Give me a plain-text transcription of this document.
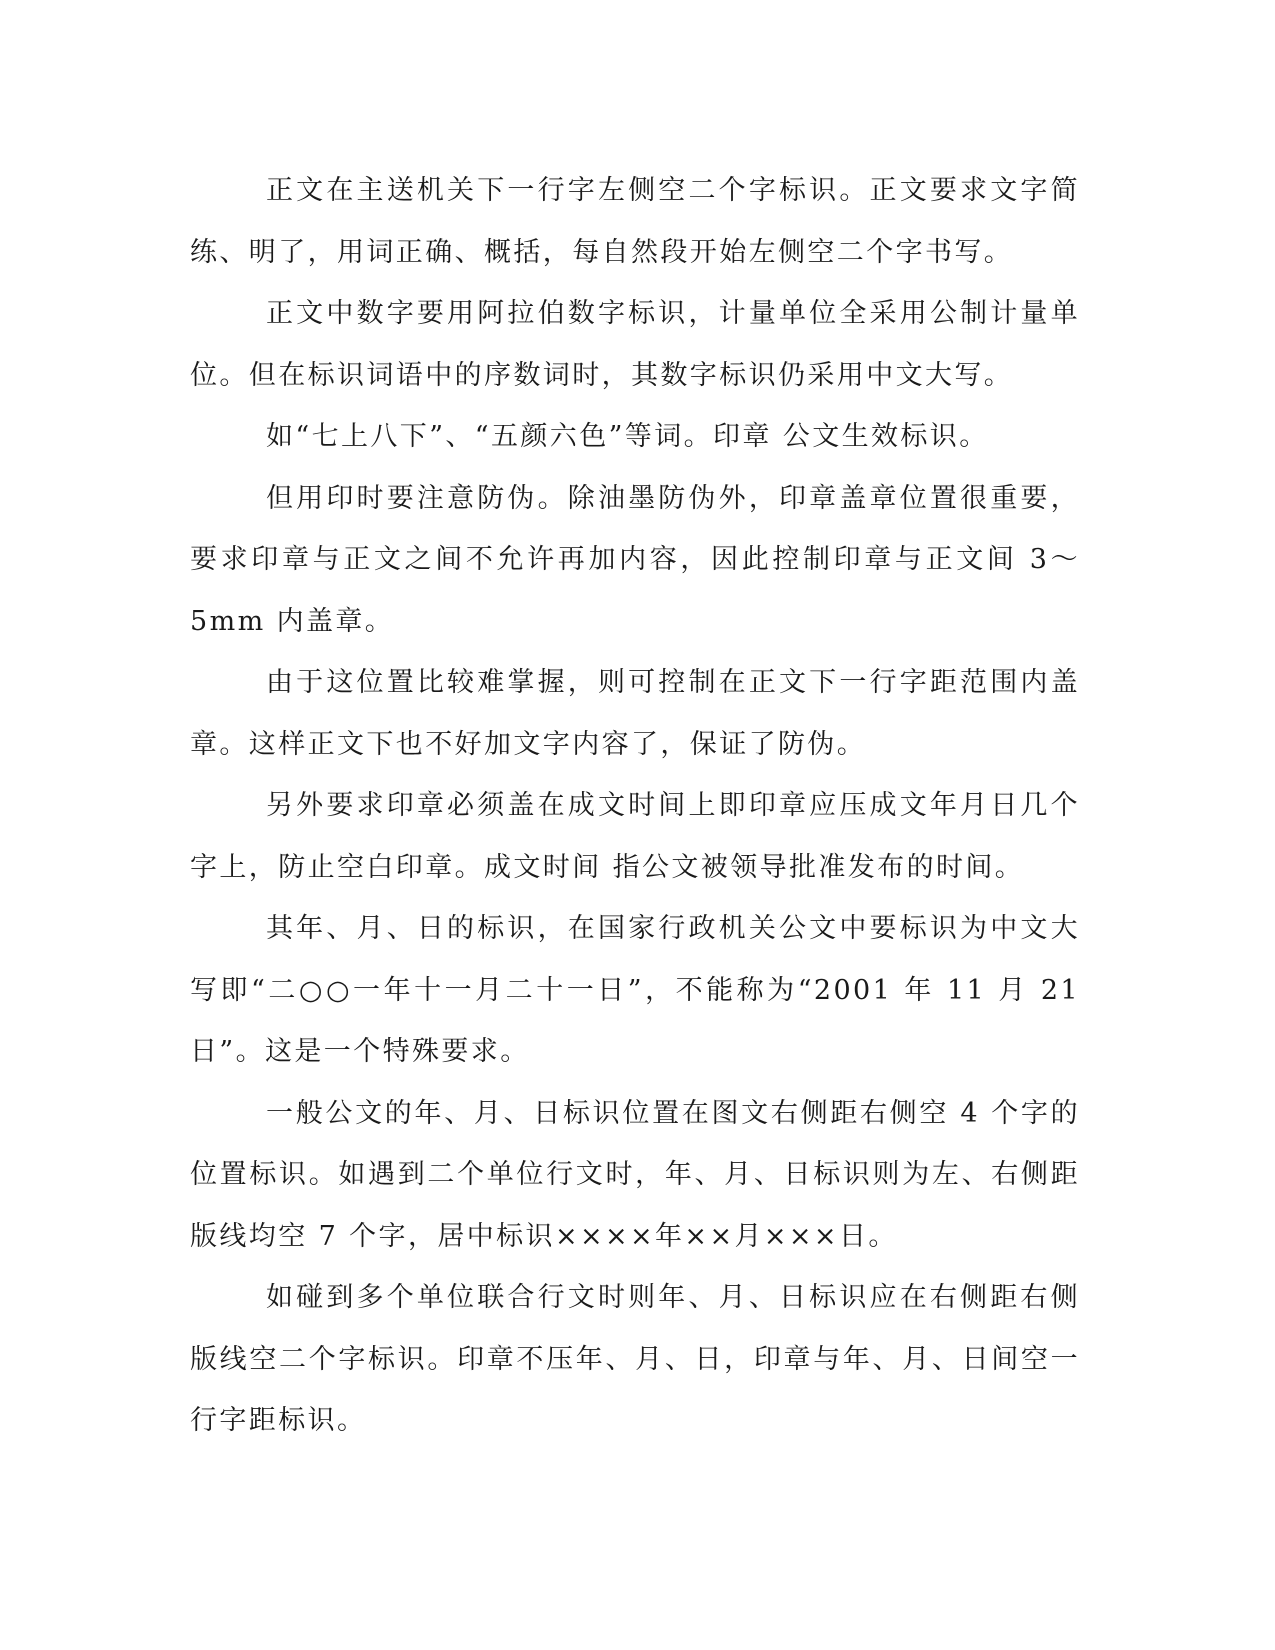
正文在主送机关下一行字左侧空二个字标识。正文要求文字简练、明了，用词正确、概括，每自然段开始左侧空二个字书写。

正文中数字要用阿拉伯数字标识，计量单位全采用公制计量单位。但在标识词语中的序数词时，其数字标识仍采用中文大写。

如“七上八下”、“五颜六色”等词。印章 公文生效标识。

但用印时要注意防伪。除油墨防伪外，印章盖章位置很重要，要求印章与正文之间不允许再加内容，因此控制印章与正文间 3～5mm 内盖章。

由于这位置比较难掌握，则可控制在正文下一行字距范围内盖章。这样正文下也不好加文字内容了，保证了防伪。

另外要求印章必须盖在成文时间上即印章应压成文年月日几个字上，防止空白印章。成文时间 指公文被领导批准发布的时间。

其年、月、日的标识，在国家行政机关公文中要标识为中文大写即“二○○一年十一月二十一日”，不能称为“2001 年 11 月 21 日”。这是一个特殊要求。

一般公文的年、月、日标识位置在图文右侧距右侧空 4 个字的位置标识。如遇到二个单位行文时，年、月、日标识则为左、右侧距版线均空 7 个字，居中标识××××年××月×××日。

如碰到多个单位联合行文时则年、月、日标识应在右侧距右侧版线空二个字标识。印章不压年、月、日，印章与年、月、日间空一行字距标识。
